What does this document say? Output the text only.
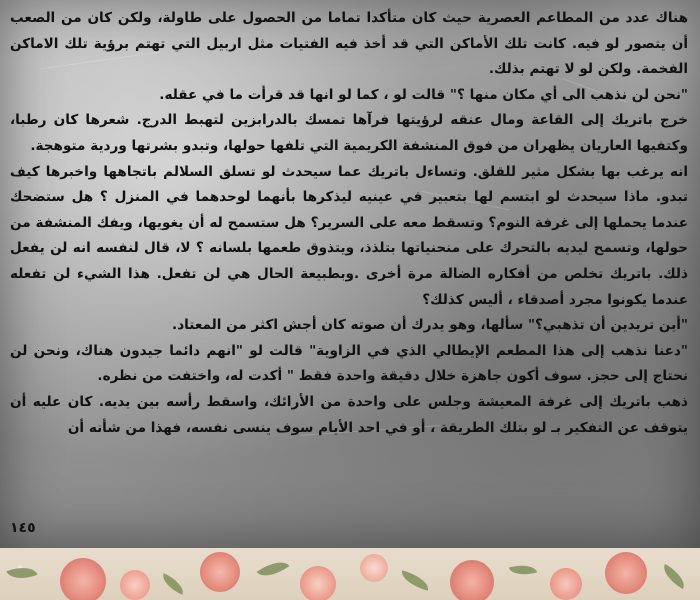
هناك عدد من المطاعم العصرية حيث كان متأكدا تماما من الحصول على طاولة، ولكن كان من الصعب أن يتصور لو فيه. كانت تلك الأماكن التي قد أخذ فيه الفتيات مثل اربيل التي تهتم برؤية تلك الاماكن الفخمة. ولكن لو لا تهتم بذلك.

"نحن لن نذهب الى أي مكان منها ؟" قالت لو ، كما لو انها قد قرأت ما في عقله.

خرج باتريك إلى القاعة ومال عنقه لرؤيتها فرآها تمسك بالدرابزين لتهبط الدرج. شعرها كان رطبا، وكتفيها العاريان يظهران من فوق المنشفة الكريمية التي تلفها حولها، وتبدو بشرتها وردية متوهجة.

انه يرغب بها بشكل مثير للقلق. وتساءل باتريك عما سيحدث لو تسلق السلالم باتجاهها واخبرها كيف تبدو. ماذا سيحدث لو ابتسم لها بتعبير في عينيه ليذكرها بأنهما لوحدهما في المنزل ؟ هل ستضحك عندما يحملها إلى غرفة النوم؟ وتسقط معه على السرير؟ هل ستسمح له أن يغويها، ويفك المنشفة من حولها، وتسمح ليديه بالتحرك على منحنياتها بتلذذ، ويتذوق طعمها بلسانه ؟ لا، قال لنفسه انه لن يفعل ذلك. باتريك تخلص من أفكاره الضالة مرة أخرى .وبطبيعة الحال هي لن تفعل. هذا الشيء لن تفعله عندما يكونوا مجرد أصدقاء ، أليس كذلك؟

"أين تريدين أن تذهبي؟" سألها، وهو يدرك أن صوته كان أجش اكثر من المعتاد.

"دعنا نذهب إلى هذا المطعم الإيطالي الذي في الزاوية" قالت لو "انهم دائما جيدون هناك، ونحن لن نحتاج إلى حجز. سوف أكون جاهزة خلال دقيقة واحدة فقط " أكدت له، واختفت من نظره.

ذهب باتريك إلى غرفة المعيشة وجلس على واحدة من الأرائك، واسقط رأسه بين يديه. كان عليه أن يتوقف عن التفكير بـ لو بتلك الطريقة ، أو في احد الأيام سوف ينسى نفسه، فهذا من شأنه أن

١٤٥
